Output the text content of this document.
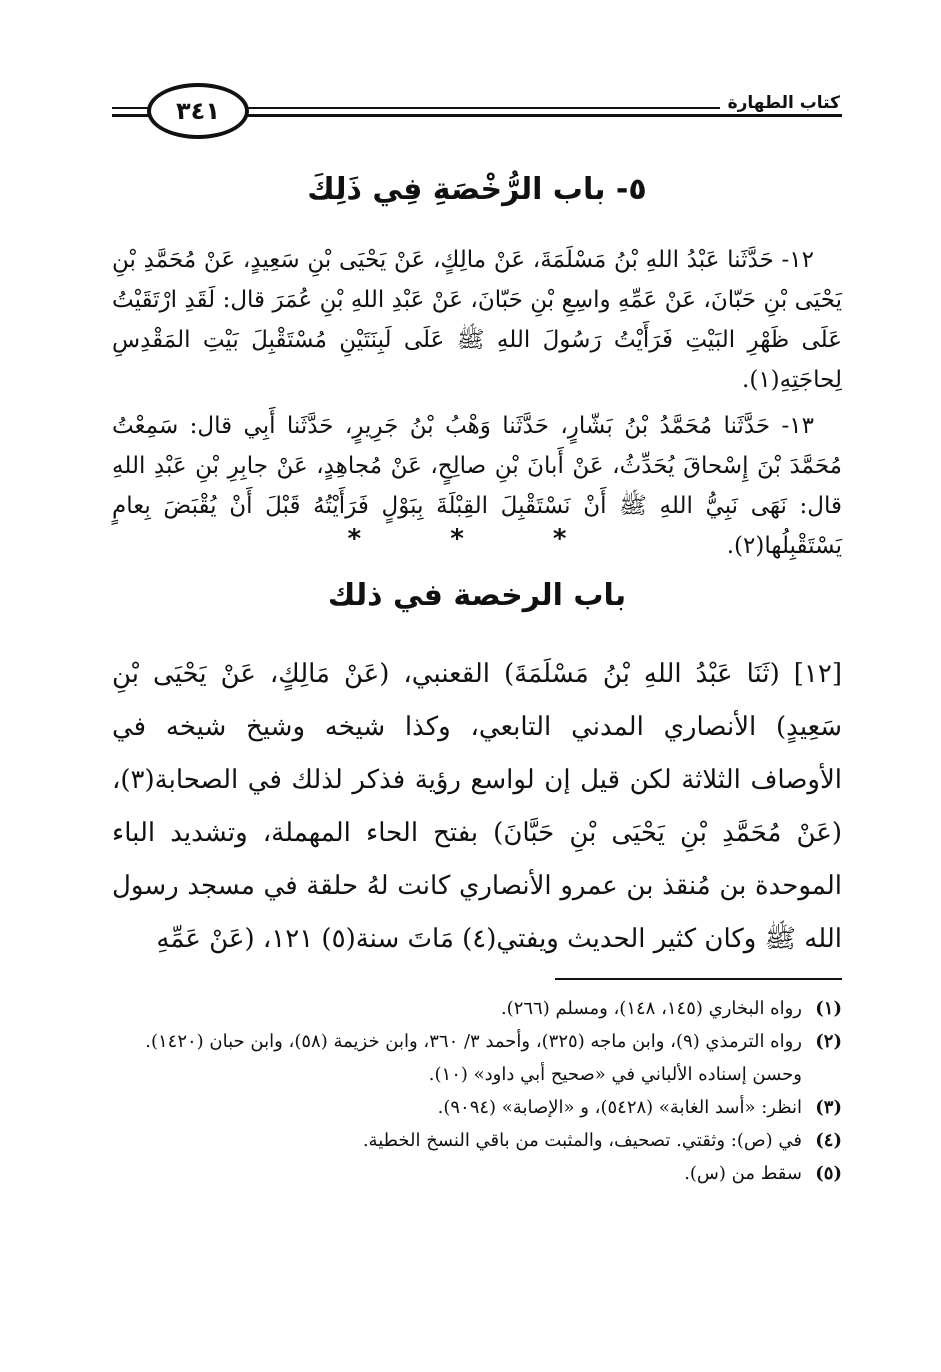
٣٤١	كتاب الطهارة
٥- باب الرُّخْصَةِ فِي ذَلِكَ

١٢- حَدَّثَنا عَبْدُ اللهِ بْنُ مَسْلَمَةَ، عَنْ مالِكٍ، عَنْ يَحْيَى بْنِ سَعِيدٍ، عَنْ مُحَمَّدِ بْنِ يَحْيَى بْنِ حَبّانَ، عَنْ عَمِّهِ واسِعِ بْنِ حَبّانَ، عَنْ عَبْدِ اللهِ بْنِ عُمَرَ قال: لَقَدِ ارْتَقَيْتُ عَلَى ظَهْرِ البَيْتِ فَرَأَيْتُ رَسُولَ اللهِ ﷺ عَلَى لَبِنَتَيْنِ مُسْتَقْبِلَ بَيْتِ المَقْدِسِ لِحاجَتِهِ(١).

١٣- حَدَّثَنا مُحَمَّدُ بْنُ بَشّارٍ، حَدَّثَنا وَهْبُ بْنُ جَرِيرٍ، حَدَّثَنا أَبِي قال: سَمِعْتُ مُحَمَّدَ بْنَ إِسْحاقَ يُحَدِّثُ، عَنْ أَبانَ بْنِ صالِحٍ، عَنْ مُجاهِدٍ، عَنْ جابِرِ بْنِ عَبْدِ اللهِ قال: نَهَى نَبِيُّ اللهِ ﷺ أَنْ نَسْتَقْبِلَ القِبْلَةَ بِبَوْلٍ فَرَأَيْتُهُ قَبْلَ أَنْ يُقْبَضَ بِعامٍ يَسْتَقْبِلُها(٢).

* * *
باب الرخصة في ذلك

[١٢] (ثَنَا عَبْدُ اللهِ بْنُ مَسْلَمَةَ) القعنبي، (عَنْ مَالِكٍ، عَنْ يَحْيَى بْنِ سَعِيدٍ) الأنصاري المدني التابعي، وكذا شيخه وشيخ شيخه في الأوصاف الثلاثة لكن قيل إن لواسع رؤية فذكر لذلك في الصحابة(٣)، (عَنْ مُحَمَّدِ بْنِ يَحْيَى بْنِ حَبَّانَ) بفتح الحاء المهملة، وتشديد الباء الموحدة بن مُنقذ بن عمرو الأنصاري كانت لهُ حلقة في مسجد رسول الله ﷺ وكان كثير الحديث ويفتي(٤) مَاتَ سنة(٥) ١٢١، (عَنْ عَمِّهِ

(١)
رواه البخاري (١٤٥، ١٤٨)، ومسلم (٢٦٦).

(٢)
رواه الترمذي (٩)، وابن ماجه (٣٢٥)، وأحمد ٣/ ٣٦٠، وابن خزيمة (٥٨)، وابن حبان (١٤٢٠).

وحسن إسناده الألباني في «صحيح أبي داود» (١٠).

(٣)
انظر: «أسد الغابة» (٥٤٢٨)، و «الإصابة» (٩٠٩٤).

(٤)
في (ص): وثقتي. تصحيف، والمثبت من باقي النسخ الخطية.

(٥)
سقط من (س).
